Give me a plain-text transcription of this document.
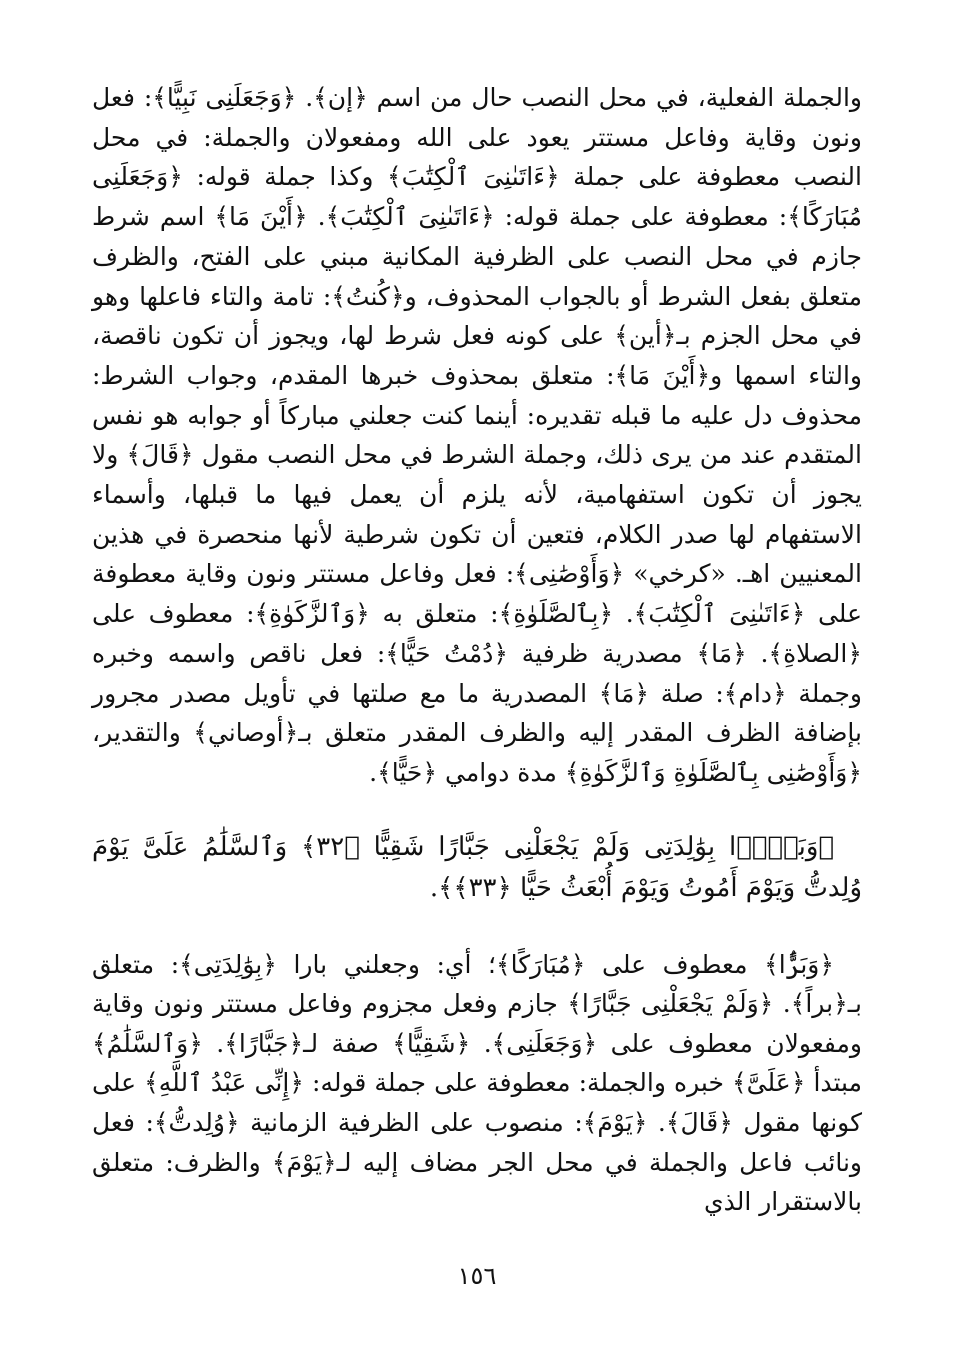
والجملة الفعلية، في محل النصب حال من اسم ﴿إن﴾. ﴿وَجَعَلَنِى نَبِيًّا﴾: فعل ونون وقاية وفاعل مستتر يعود على الله ومفعولان والجملة: في محل النصب معطوفة على جملة ﴿ءَاتَىٰنِىَ ٱلْكِتَٰبَ﴾ وكذا جملة قوله: ﴿وَجَعَلَنِى مُبَارَكًا﴾: معطوفة على جملة قوله: ﴿ءَاتَىٰنِىَ ٱلْكِتَٰبَ﴾. ﴿أَيْنَ مَا﴾ اسم شرط جازم في محل النصب على الظرفية المكانية مبني على الفتح، والظرف متعلق بفعل الشرط أو بالجواب المحذوف، و﴿كُنتُ﴾: تامة والتاء فاعلها وهو في محل الجزم بـ﴿أين﴾ على كونه فعل شرط لها، ويجوز أن تكون ناقصة، والتاء اسمها و﴿أَيْنَ مَا﴾: متعلق بمحذوف خبرها المقدم، وجواب الشرط: محذوف دل عليه ما قبله تقديره: أينما كنت جعلني مباركاً أو جوابه هو نفس المتقدم عند من يرى ذلك، وجملة الشرط في محل النصب مقول ﴿قَالَ﴾ ولا يجوز أن تكون استفهامية، لأنه يلزم أن يعمل فيها ما قبلها، وأسماء الاستفهام لها صدر الكلام، فتعين أن تكون شرطية لأنها منحصرة في هذين المعنيين اهـ. «كرخي» ﴿وَأَوْصَٰنِى﴾: فعل وفاعل مستتر ونون وقاية معطوفة على ﴿ءَاتَىٰنِىَ ٱلْكِتَٰبَ﴾. ﴿بِٱلصَّلَوٰةِ﴾: متعلق به ﴿وَٱلزَّكَوٰةِ﴾: معطوف على ﴿الصلاةِ﴾. ﴿مَا﴾ مصدرية ظرفية ﴿دُمْتُ حَيًّا﴾: فعل ناقص واسمه وخبره وجملة ﴿دام﴾: صلة ﴿مَا﴾ المصدرية ما مع صلتها في تأويل مصدر مجرور بإضافة الظرف المقدر إليه والظرف المقدر متعلق بـ﴿أوصاني﴾ والتقدير، ﴿وَأَوْصَٰنِى بِٱلصَّلَوٰةِ وَٱلزَّكَوٰةِ﴾ مدة دوامي ﴿حَيًّا﴾.

﴿وَبَرًّۢا بِوَٰلِدَتِى وَلَمْ يَجْعَلْنِى جَبَّارًا شَقِيًّا ﴿٣٢﴾ وَٱلسَّلَٰمُ عَلَىَّ يَوْمَ وُلِدتُّ وَيَوْمَ أَمُوتُ وَيَوْمَ أُبْعَثُ حَيًّا ﴿٣٣﴾﴾.

﴿وَبَرًّۢا﴾ معطوف على ﴿مُبَارَكًا﴾؛ أي: وجعلني بارا ﴿بِوَٰلِدَتِى﴾: متعلق بـ﴿براً﴾. ﴿وَلَمْ يَجْعَلْنِى جَبَّارًا﴾ جازم وفعل مجزوم وفاعل مستتر ونون وقاية ومفعولان معطوف على ﴿وَجَعَلَنِى﴾. ﴿شَقِيًّا﴾ صفة لـ﴿جَبَّارًا﴾. ﴿وَٱلسَّلَٰمُ﴾ مبتدأ ﴿عَلَىَّ﴾ خبره والجملة: معطوفة على جملة قوله: ﴿إِنِّى عَبْدُ ٱللَّهِ﴾ على كونها مقول ﴿قَالَ﴾. ﴿يَوْمَ﴾: منصوب على الظرفية الزمانية ﴿وُلِدتُّ﴾: فعل ونائب فاعل والجملة في محل الجر مضاف إليه لـ﴿يَوْمَ﴾ والظرف: متعلق بالاستقرار الذي

١٥٦
